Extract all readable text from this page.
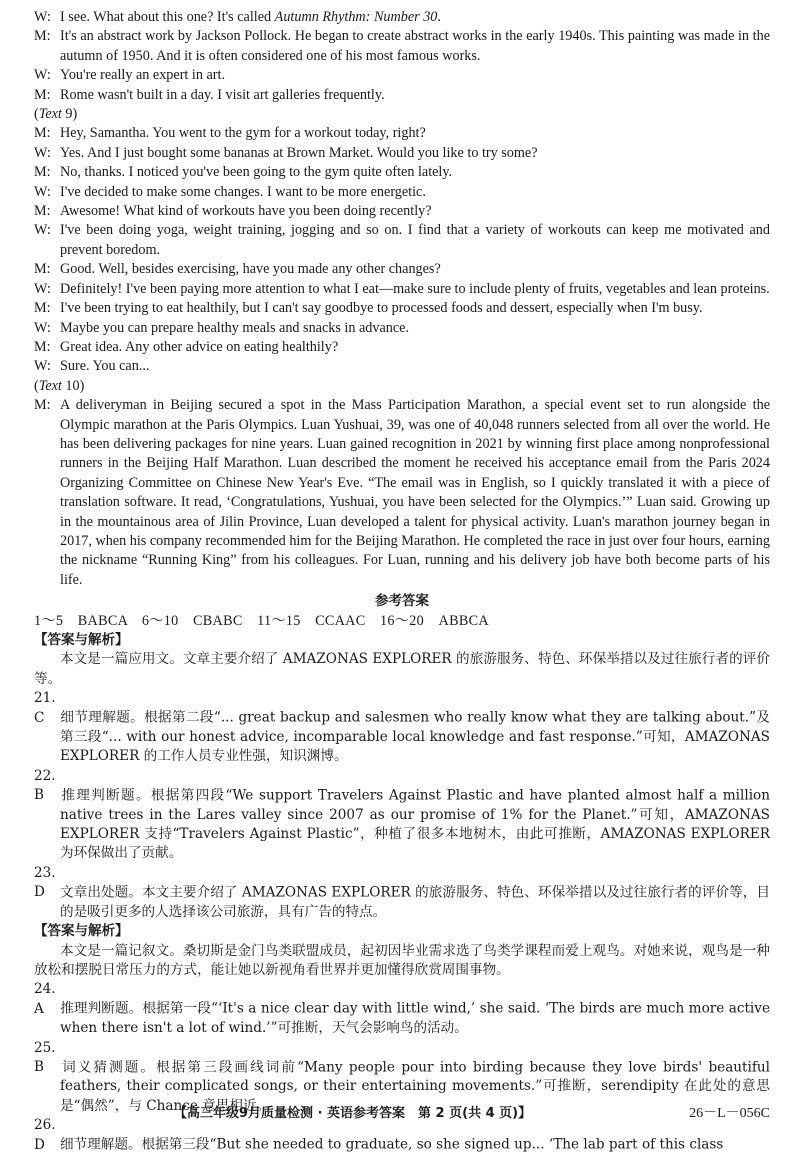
W: I see. What about this one? It's called Autumn Rhythm: Number 30.
M: It's an abstract work by Jackson Pollock. He began to create abstract works in the early 1940s. This painting was made in the autumn of 1950. And it is often considered one of his most famous works.
W: You're really an expert in art.
M: Rome wasn't built in a day. I visit art galleries frequently.
(Text 9)
M: Hey, Samantha. You went to the gym for a workout today, right?
W: Yes. And I just bought some bananas at Brown Market. Would you like to try some?
M: No, thanks. I noticed you've been going to the gym quite often lately.
W: I've decided to make some changes. I want to be more energetic.
M: Awesome! What kind of workouts have you been doing recently?
W: I've been doing yoga, weight training, jogging and so on. I find that a variety of workouts can keep me motivated and prevent boredom.
M: Good. Well, besides exercising, have you made any other changes?
W: Definitely! I've been paying more attention to what I eat—make sure to include plenty of fruits, vegetables and lean proteins.
M: I've been trying to eat healthily, but I can't say goodbye to processed foods and dessert, especially when I'm busy.
W: Maybe you can prepare healthy meals and snacks in advance.
M: Great idea. Any other advice on eating healthily?
W: Sure. You can...
(Text 10)
M: A deliveryman in Beijing secured a spot in the Mass Participation Marathon, a special event set to run alongside the Olympic marathon at the Paris Olympics. Luan Yushuai, 39, was one of 40,048 runners selected from all over the world. He has been delivering packages for nine years. Luan gained recognition in 2021 by winning first place among nonprofessional runners in the Beijing Half Marathon. Luan described the moment he received his acceptance email from the Paris 2024 Organizing Committee on Chinese New Year's Eve. “The email was in English, so I quickly translated it with a piece of translation software. It read, ‘Congratulations, Yushuai, you have been selected for the Olympics.’” Luan said. Growing up in the mountainous area of Jilin Province, Luan developed a talent for physical activity. Luan's marathon journey began in 2017, when his company recommended him for the Beijing Marathon. He completed the race in just over four hours, earning the nickname “Running King” from his colleagues. For Luan, running and his delivery job have both become parts of his life.
参考答案
1～5　BABCA　6～10　CBABC　11～15　CCAAC　16～20　ABBCA
【答案与解析】
本文是一篇应用文。文章主要介绍了 AMAZONAS EXPLORER 的旅游服务、特色、环保举措以及过往旅行者的评价等。
21. C 细节理解题。根据第二段“... great backup and salesmen who really know what they are talking about.”及第三段“... with our honest advice, incomparable local knowledge and fast response.”可知，AMAZONAS EXPLORER 的工作人员专业性强，知识渊博。
22. B 推理判断题。根据第四段“We support Travelers Against Plastic and have planted almost half a million native trees in the Lares valley since 2007 as our promise of 1% for the Planet.”可知，AMAZONAS EXPLORER 支持“Travelers Against Plastic”，种植了很多本地树木，由此可推断，AMAZONAS EXPLORER 为环保做出了贡献。
23. D 文章出处题。本文主要介绍了 AMAZONAS EXPLORER 的旅游服务、特色、环保举措以及过往旅行者的评价等，目的是吸引更多的人选择该公司旅游，具有广告的特点。
【答案与解析】
本文是一篇记叙文。桑切斯是金门鸟类联盟成员，起初因毕业需求选了鸟类学课程而爱上观鸟。对她来说，观鸟是一种放松和摆脱日常压力的方式，能让她以新视角看世界并更加懂得欣赏周围事物。
24. A 推理判断题。根据第一段“‘It's a nice clear day with little wind,’ she said. ‘The birds are much more active when there isn't a lot of wind.’”可推断，天气会影响鸟的活动。
25. B 词义猜测题。根据第三段画线词前“Many people pour into birding because they love birds' beautiful feathers, their complicated songs, or their entertaining movements.”可推断，serendipity 在此处的意思是“偶然”，与 Chance 意思相近。
26. D 细节理解题。根据第三段“But she needed to graduate, so she signed up... ‘The lab part of this class
【高三年级9月质量检测 · 英语参考答案　第 2 页(共 4 页)】	26－L－056C
